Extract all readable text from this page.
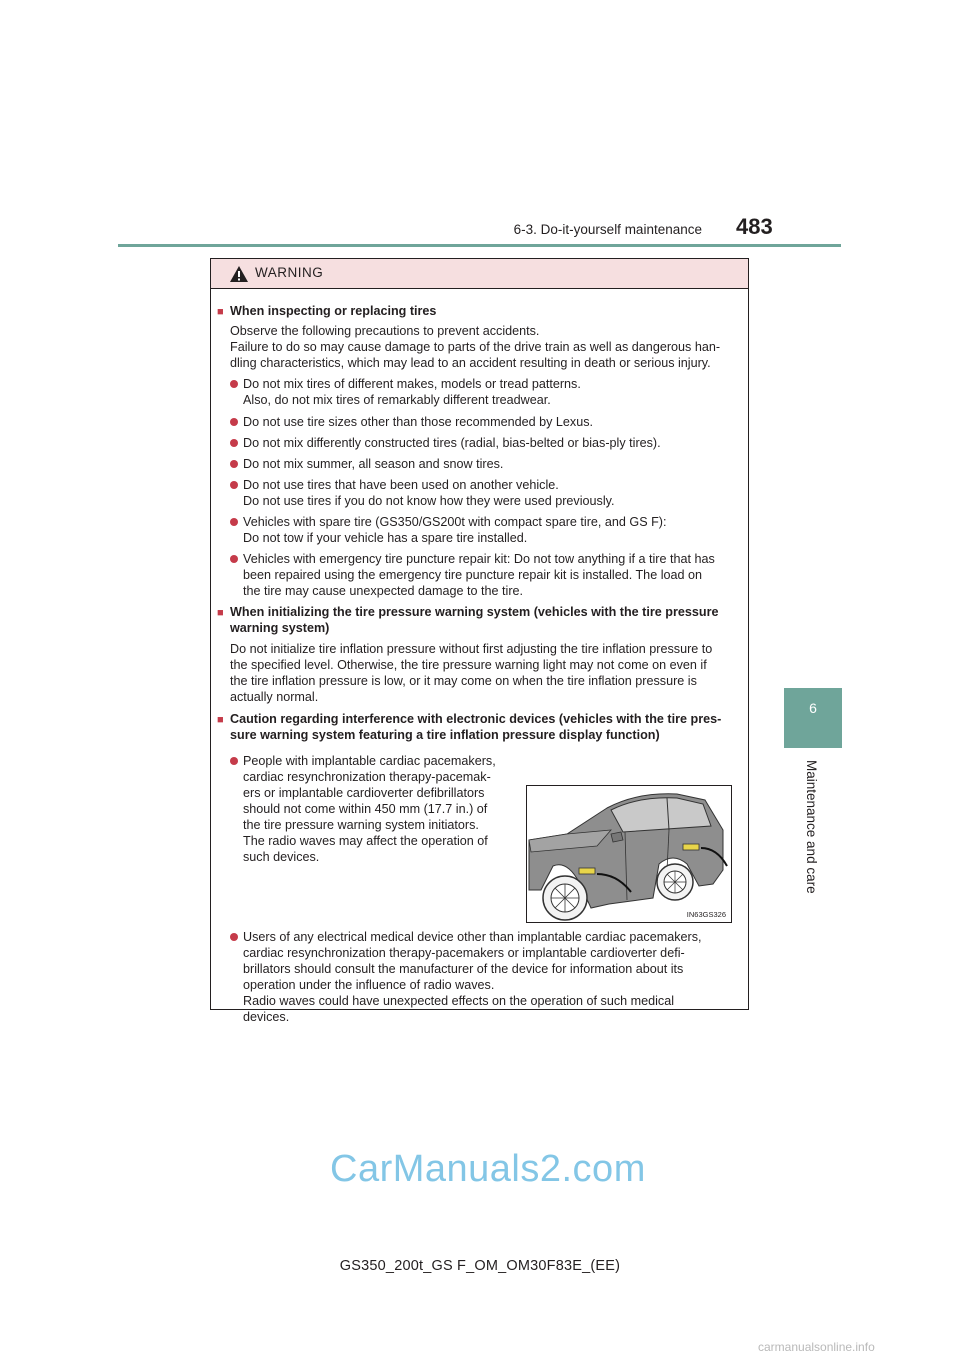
6-3. Do-it-yourself maintenance 483
6
Maintenance and care
WARNING
■ When inspecting or replacing tires
Observe the following precautions to prevent accidents.
Failure to do so may cause damage to parts of the drive train as well as dangerous han-
dling characteristics, which may lead to an accident resulting in death or serious injury.
Do not mix tires of different makes, models or tread patterns.
Also, do not mix tires of remarkably different treadwear.
Do not use tire sizes other than those recommended by Lexus.
Do not mix differently constructed tires (radial, bias-belted or bias-ply tires).
Do not mix summer, all season and snow tires.
Do not use tires that have been used on another vehicle.
Do not use tires if you do not know how they were used previously.
Vehicles with spare tire (GS350/GS200t with compact spare tire, and GS F):
Do not tow if your vehicle has a spare tire installed.
Vehicles with emergency tire puncture repair kit: Do not tow anything if a tire that has
been repaired using the emergency tire puncture repair kit is installed. The load on
the tire may cause unexpected damage to the tire.
■ When initializing the tire pressure warning system (vehicles with the tire pressure
warning system)
Do not initialize tire inflation pressure without first adjusting the tire inflation pressure to
the specified level. Otherwise, the tire pressure warning light may not come on even if
the tire inflation pressure is low, or it may come on when the tire inflation pressure is
actually normal.
■ Caution regarding interference with electronic devices (vehicles with the tire pres-
sure warning system featuring a tire inflation pressure display function)
People with implantable cardiac pacemakers,
cardiac resynchronization therapy-pacemak-
ers or implantable cardioverter defibrillators
should not come within 450 mm (17.7 in.) of
the tire pressure warning system initiators.
The radio waves may affect the operation of
such devices.
IN63GS326
Users of any electrical medical device other than implantable cardiac pacemakers,
cardiac resynchronization therapy-pacemakers or implantable cardioverter defi-
brillators should consult the manufacturer of the device for information about its
operation under the influence of radio waves.
Radio waves could have unexpected effects on the operation of such medical
devices.
CarManuals2.com
GS350_200t_GS F_OM_OM30F83E_(EE)
carmanualsonline.info
